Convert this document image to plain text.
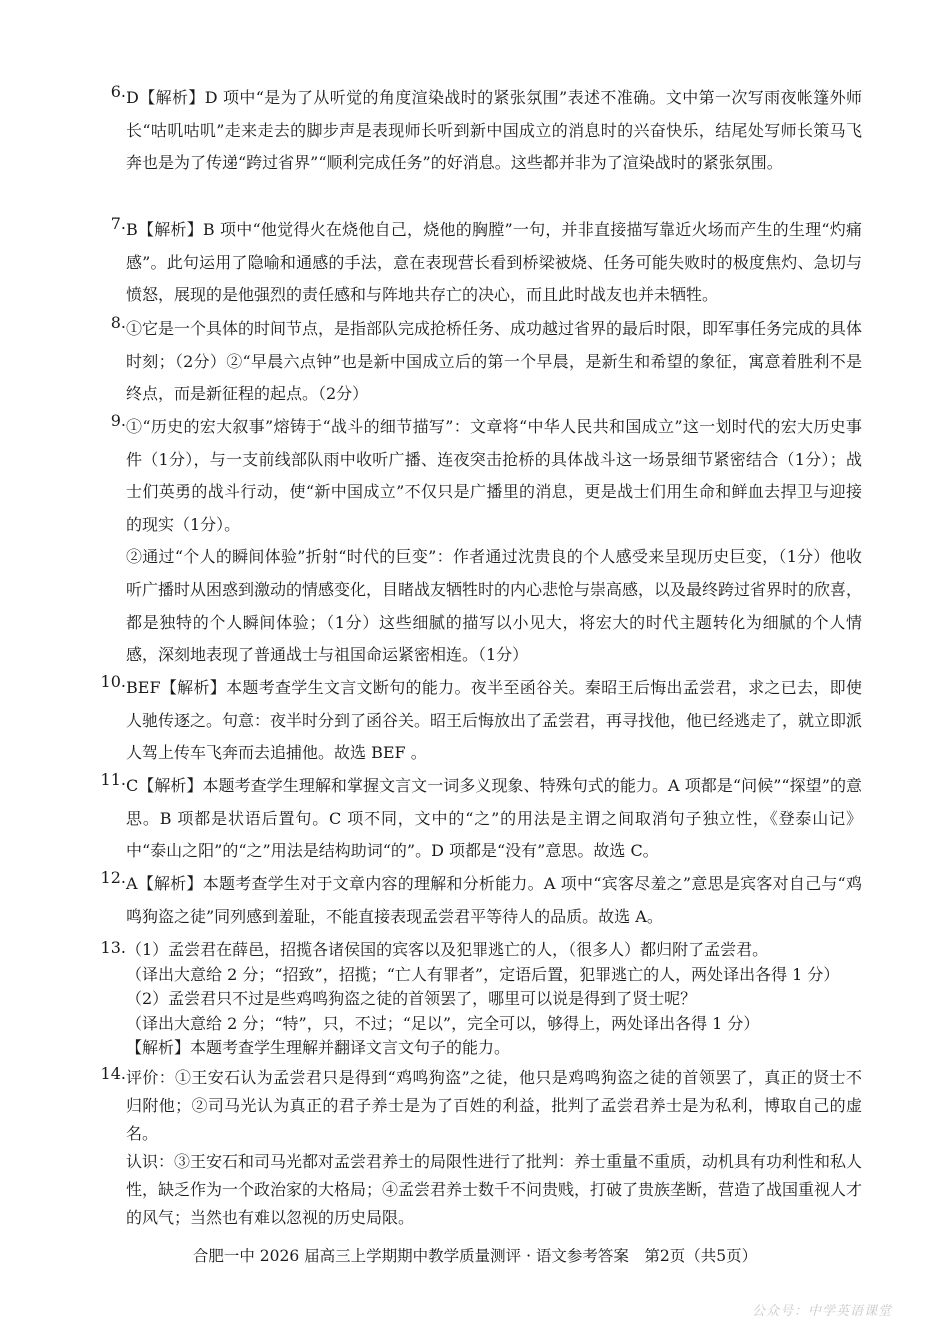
6. D【解析】D 项中“是为了从听觉的角度渲染战时的紧张氛围”表述不准确。文中第一次写雨夜帐篷外师长“咕叽咕叽”走来走去的脚步声是表现师长听到新中国成立的消息时的兴奋快乐，结尾处写师长策马飞奔也是为了传递“跨过省界”“顺利完成任务”的好消息。这些都并非为了渲染战时的紧张氛围。

7. B【解析】B 项中“他觉得火在烧他自己，烧他的胸膛”一句，并非直接描写靠近火场而产生的生理“灼痛感”。此句运用了隐喻和通感的手法，意在表现营长看到桥梁被烧、任务可能失败时的极度焦灼、急切与愤怒，展现的是他强烈的责任感和与阵地共存亡的决心，而且此时战友也并未牺牲。

8. ①它是一个具体的时间节点，是指部队完成抢桥任务、成功越过省界的最后时限，即军事任务完成的具体时刻；（2分）②“早晨六点钟”也是新中国成立后的第一个早晨，是新生和希望的象征，寓意着胜利不是终点，而是新征程的起点。（2分）

9. ①“历史的宏大叙事”熔铸于“战斗的细节描写”：文章将“中华人民共和国成立”这一划时代的宏大历史事件（1分），与一支前线部队雨中收听广播、连夜突击抢桥的具体战斗这一场景细节紧密结合（1分）；战士们英勇的战斗行动，使“新中国成立”不仅只是广播里的消息，更是战士们用生命和鲜血去捍卫与迎接的现实（1分）。

②通过“个人的瞬间体验”折射“时代的巨变”：作者通过沈贵良的个人感受来呈现历史巨变，（1分）他收听广播时从困惑到激动的情感变化，目睹战友牺牲时的内心悲怆与崇高感，以及最终跨过省界时的欣喜，都是独特的个人瞬间体验；（1分）这些细腻的描写以小见大，将宏大的时代主题转化为细腻的个人情感，深刻地表现了普通战士与祖国命运紧密相连。（1分）

10. BEF【解析】本题考查学生文言文断句的能力。夜半至函谷关。秦昭王后悔出孟尝君，求之已去，即使人驰传逐之。句意：夜半时分到了函谷关。昭王后悔放出了孟尝君，再寻找他，他已经逃走了，就立即派人驾上传车飞奔而去追捕他。故选 BEF 。

11. C【解析】本题考查学生理解和掌握文言文一词多义现象、特殊句式的能力。A 项都是“问候”“探望”的意思。B 项都是状语后置句。C 项不同，文中的“之”的用法是主谓之间取消句子独立性，《登泰山记》中“泰山之阳”的“之”用法是结构助词“的”。D 项都是“没有”意思。故选 C。

12. A【解析】本题考查学生对于文章内容的理解和分析能力。A 项中“宾客尽羞之”意思是宾客对自己与“鸡鸣狗盗之徒”同列感到羞耻，不能直接表现孟尝君平等待人的品质。故选 A。

13. （1）孟尝君在薛邑，招揽各诸侯国的宾客以及犯罪逃亡的人，（很多人）都归附了孟尝君。

（译出大意给 2 分；“招致”，招揽；“亡人有罪者”，定语后置，犯罪逃亡的人，两处译出各得 1 分）

（2）孟尝君只不过是些鸡鸣狗盗之徒的首领罢了，哪里可以说是得到了贤士呢？

（译出大意给 2 分；“特”，只，不过；“足以”，完全可以，够得上，两处译出各得 1 分）

【解析】本题考查学生理解并翻译文言文句子的能力。

14. 评价：①王安石认为孟尝君只是得到“鸡鸣狗盗”之徒，他只是鸡鸣狗盗之徒的首领罢了，真正的贤士不归附他；②司马光认为真正的君子养士是为了百姓的利益，批判了孟尝君养士是为私利，博取自己的虚名。

认识：③王安石和司马光都对孟尝君养士的局限性进行了批判：养士重量不重质，动机具有功利性和私人性，缺乏作为一个政治家的大格局；④孟尝君养士数千不问贵贱，打破了贵族垄断，营造了战国重视人才的风气；当然也有难以忽视的历史局限。

合肥一中 2026 届高三上学期期中教学质量测评 · 语文参考答案　第2页（共5页）
公众号：中学英语课堂
